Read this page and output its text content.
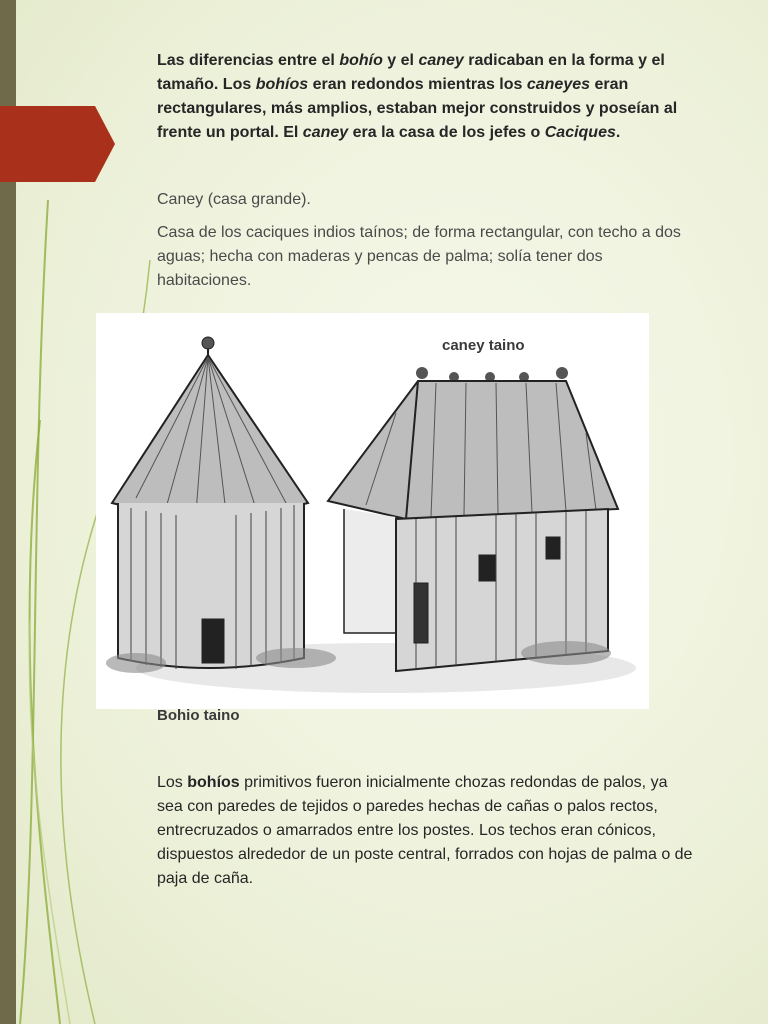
Las diferencias entre el bohío y el caney radicaban en la forma y el tamaño. Los bohíos eran redondos mientras los caneyes eran rectangulares, más amplios, estaban mejor construidos y poseían al frente un portal. El caney era la casa de los jefes o Caciques.
Caney (casa grande).
Casa de los caciques indios taínos; de forma rectangular, con techo a dos aguas; hecha con maderas y pencas de palma; solía tener dos habitaciones.
caney taino
Bohio taino
Los bohíos primitivos fueron inicialmente chozas redondas de palos, ya sea con paredes de tejidos o paredes hechas de cañas o palos rectos, entrecruzados o amarrados entre los postes. Los techos eran cónicos, dispuestos alrededor de un poste central, forrados con hojas de palma o de paja de caña.
